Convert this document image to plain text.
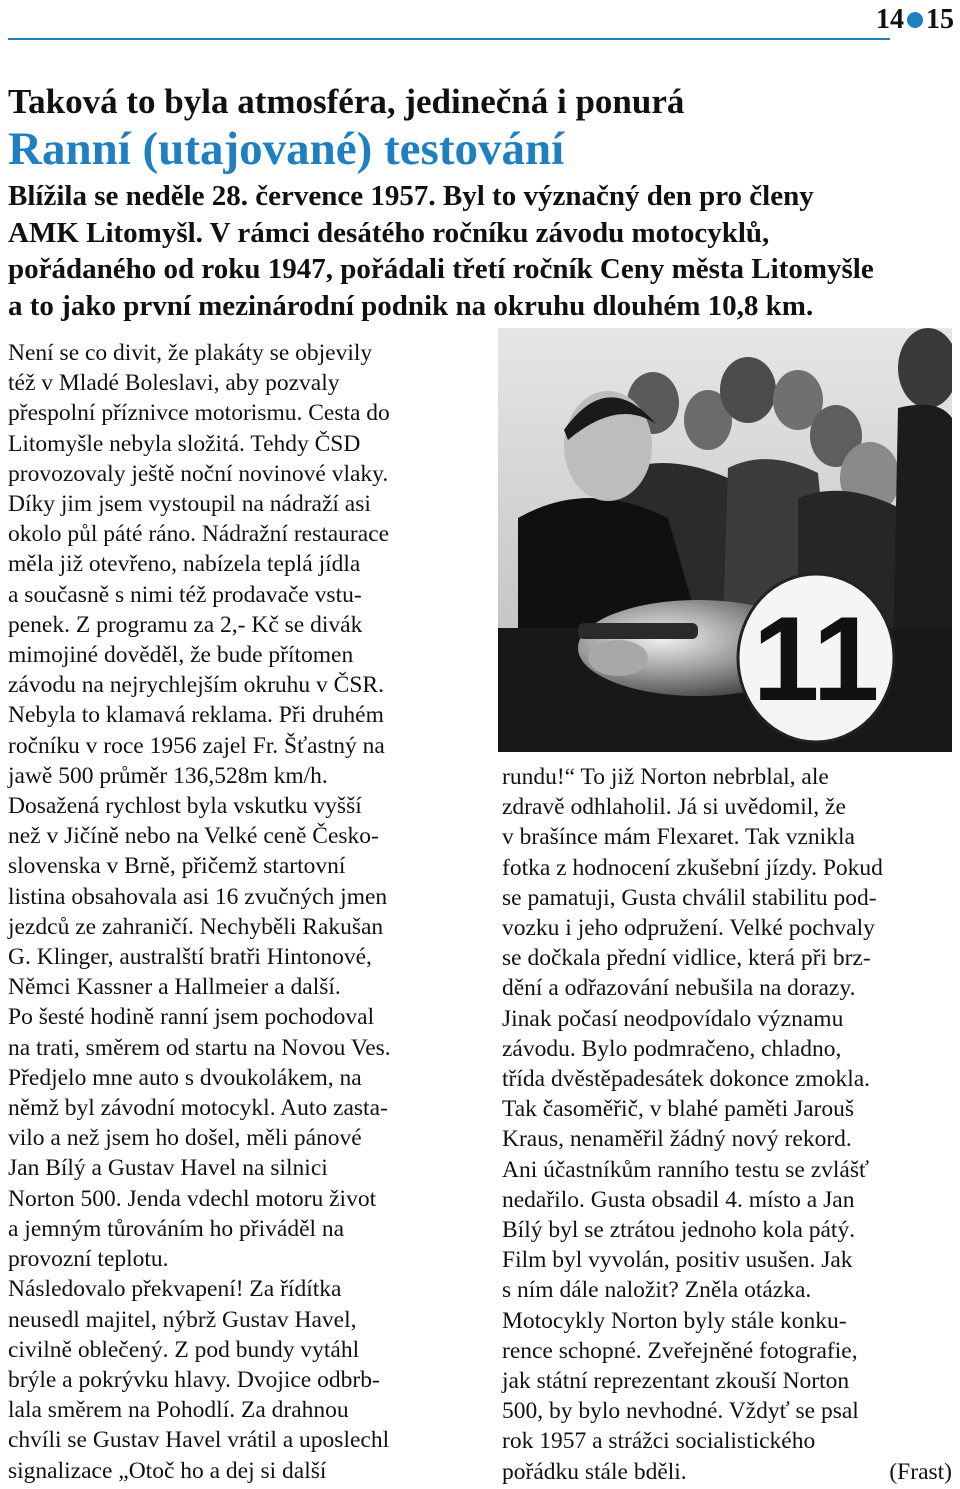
14 15
Taková to byla atmosféra, jedinečná i ponurá
Ranní (utajované) testování

Blížila se neděle 28. července 1957. Byl to význačný den pro členy

AMK Litomyšl. V rámci desátého ročníku závodu motocyklů,

pořádaného od roku 1947, pořádali třetí ročník Ceny města Litomyšle

a to jako první mezinárodní podnik na okruhu dlouhém 10,8 km.

Není se co divit, že plakáty se objevily

též v Mladé Boleslavi, aby pozvaly

přespolní příznivce motorismu. Cesta do

Litomyšle nebyla složitá. Tehdy ČSD

provozovaly ještě noční novinové vlaky.

Díky jim jsem vystoupil na nádraží asi

okolo půl páté ráno. Nádražní restaurace

měla již otevřeno, nabízela teplá jídla

a současně s nimi též prodavače vstu-

penek. Z programu za 2,- Kč se divák

mimojiné dověděl, že bude přítomen

závodu na nejrychlejším okruhu v ČSR.

Nebyla to klamavá reklama. Při druhém

ročníku v roce 1956 zajel Fr. Šťastný na

jawě 500 průměr 136,528m km/h.

Dosažená rychlost byla vskutku vyšší

než v Jičíně nebo na Velké ceně Česko-

slovenska v Brně, přičemž startovní

listina obsahovala asi 16 zvučných jmen

jezdců ze zahraničí. Nechyběli Rakušan

G. Klinger, australští bratři Hintonové,

Němci Kassner a Hallmeier a další.

Po šesté hodině ranní jsem pochodoval

na trati, směrem od startu na Novou Ves.

Předjelo mne auto s dvoukolákem, na

němž byl závodní motocykl. Auto zasta-

vilo a než jsem ho došel, měli pánové

Jan Bílý a Gustav Havel na silnici

Norton 500. Jenda vdechl motoru život

a jemným tůrováním ho přiváděl na

provozní teplotu.

Následovalo překvapení! Za řídítka

neusedl majitel, nýbrž Gustav Havel,

civilně oblečený. Z pod bundy vytáhl

brýle a pokrývku hlavy. Dvojice odbrb-

lala směrem na Pohodlí. Za drahnou

chvíli se Gustav Havel vrátil a uposlechl

signalizace „Otoč ho a dej si další

11

rundu!“ To již Norton nebrblal, ale

zdravě odhlaholil. Já si uvědomil, že

v brašínce mám Flexaret. Tak vznikla

fotka z hodnocení zkušební jízdy. Pokud

se pamatuji, Gusta chválil stabilitu pod-

vozku i jeho odpružení. Velké pochvaly

se dočkala přední vidlice, která při brz-

dění a odřazování nebušila na dorazy.

Jinak počasí neodpovídalo významu

závodu. Bylo podmračeno, chladno,

třída dvěstěpadesátek dokonce zmokla.

Tak časoměřič, v blahé paměti Jarouš

Kraus, nenaměřil žádný nový rekord.

Ani účastníkům ranního testu se zvlášť

nedařilo. Gusta obsadil 4. místo a Jan

Bílý byl se ztrátou jednoho kola pátý.

Film byl vyvolán, positiv usušen. Jak

s ním dále naložit? Zněla otázka.

Motocykly Norton byly stále konku-

rence schopné. Zveřejněné fotografie,

jak státní reprezentant zkouší Norton

500, by bylo nevhodné. Vždyť se psal

rok 1957 a strážci socialistického

pořádku stále bděli.	(Frast)
